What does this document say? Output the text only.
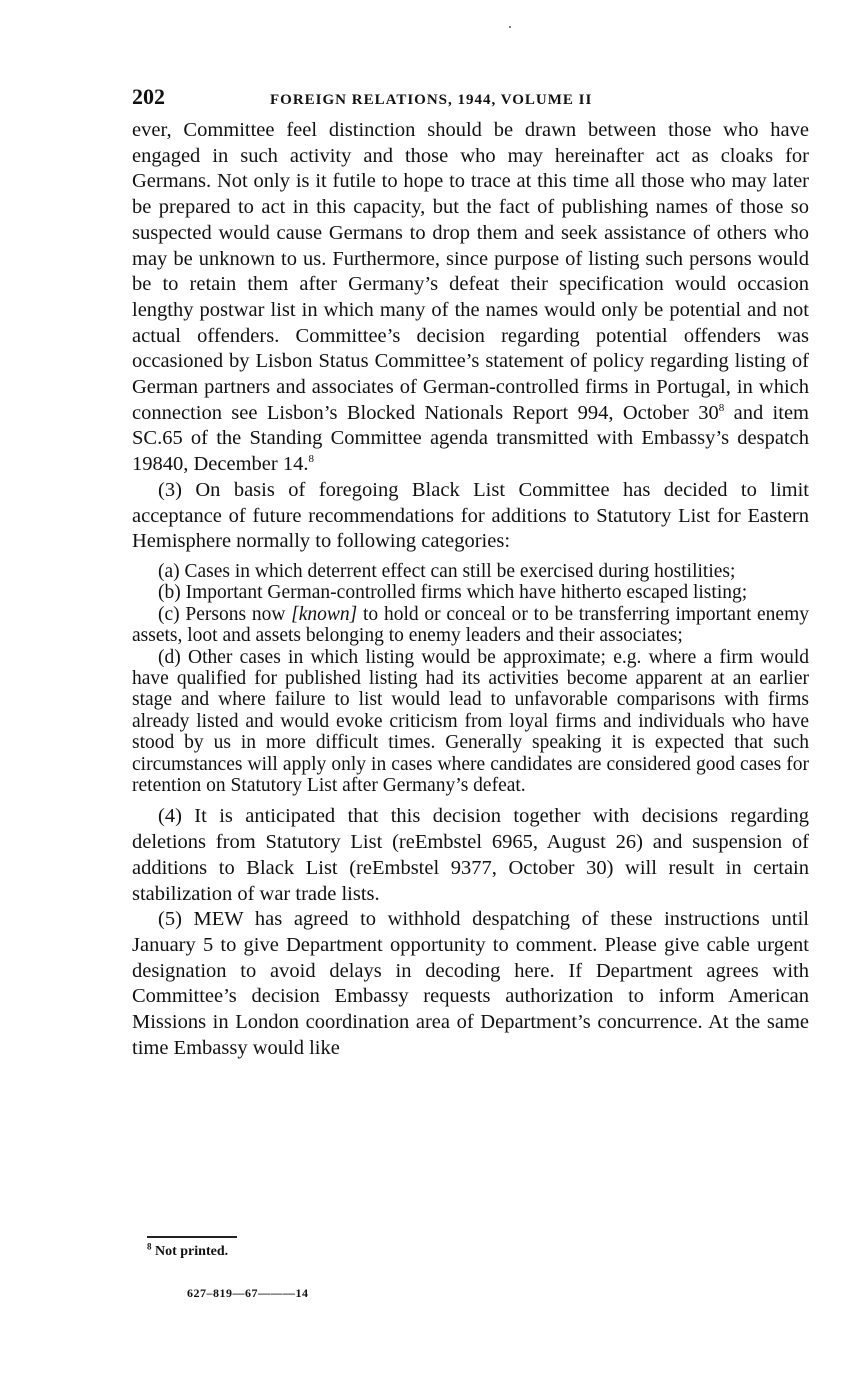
202	FOREIGN RELATIONS, 1944, VOLUME II

ever, Committee feel distinction should be drawn between those who have engaged in such activity and those who may hereinafter act as cloaks for Germans. Not only is it futile to hope to trace at this time all those who may later be prepared to act in this capacity, but the fact of publishing names of those so suspected would cause Germans to drop them and seek assistance of others who may be unknown to us. Furthermore, since purpose of listing such persons would be to retain them after Germany’s defeat their specification would occasion lengthy postwar list in which many of the names would only be potential and not actual offenders. Committee’s decision regarding potential offenders was occasioned by Lisbon Status Committee’s statement of policy regarding listing of German partners and associates of German-controlled firms in Portugal, in which connection see Lisbon’s Blocked Nationals Report 994, October $30^8$ and item SC.65 of the Standing Committee agenda transmitted with Embassy’s despatch 19840, December 14.$^8$

(3) On basis of foregoing Black List Committee has decided to limit acceptance of future recommendations for additions to Statutory List for Eastern Hemisphere normally to following categories:

(a) Cases in which deterrent effect can still be exercised during hostilities;

(b) Important German-controlled firms which have hitherto escaped listing;

(c) Persons now [known] to hold or conceal or to be transferring important enemy assets, loot and assets belonging to enemy leaders and their associates;

(d) Other cases in which listing would be approximate; e.g. where a firm would have qualified for published listing had its activities become apparent at an earlier stage and where failure to list would lead to unfavorable comparisons with firms already listed and would evoke criticism from loyal firms and individuals who have stood by us in more difficult times. Generally speaking it is expected that such circumstances will apply only in cases where candidates are considered good cases for retention on Statutory List after Germany’s defeat.

(4) It is anticipated that this decision together with decisions regarding deletions from Statutory List (reEmbstel 6965, August 26) and suspension of additions to Black List (reEmbstel 9377, October 30) will result in certain stabilization of war trade lists.

(5) MEW has agreed to withhold despatching of these instructions until January 5 to give Department opportunity to comment. Please give cable urgent designation to avoid delays in decoding here. If Department agrees with Committee’s decision Embassy requests authorization to inform American Missions in London coordination area of Department’s concurrence. At the same time Embassy would like

$^8$ Not printed.
627–819—67———14
